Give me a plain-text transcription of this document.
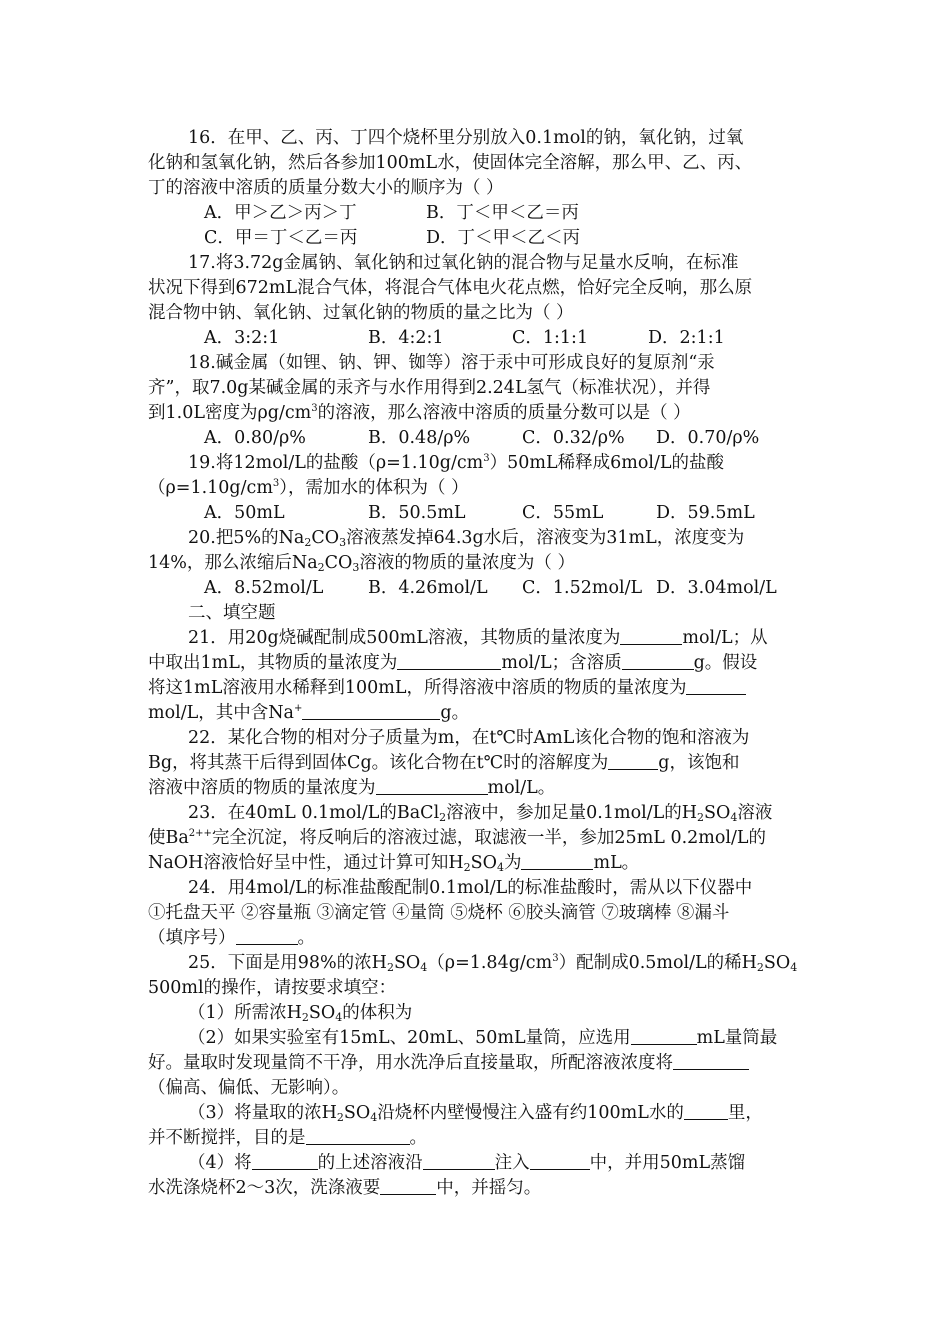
16．在甲、乙、丙、丁四个烧杯里分别放入0.1mol的钠，氧化钠，过氧
化钠和氢氧化钠，然后各参加100mL水，使固体完全溶解，那么甲、乙、丙、
丁的溶液中溶质的质量分数大小的顺序为（ ）
A．甲＞乙＞丙＞丁	B．丁＜甲＜乙＝丙
C．甲＝丁＜乙＝丙	D．丁＜甲＜乙＜丙
17.将3.72g金属钠、氧化钠和过氧化钠的混合物与足量水反响，在标准
状况下得到672mL混合气体，将混合气体电火花点燃，恰好完全反响，那么原
混合物中钠、氧化钠、过氧化钠的物质的量之比为（ ）
A．3:2:1	B．4:2:1	C．1:1:1	D．2:1:1
18.碱金属（如锂、钠、钾、铷等）溶于汞中可形成良好的复原剂“汞
齐”，取7.0g某碱金属的汞齐与水作用得到2.24L氢气（标准状况），并得
到1.0L密度为$\rho g/cm^3$的溶液，那么溶液中溶质的质量分数可以是（ ）
A．0.80/ρ%	B．0.48/ρ%	C．0.32/ρ% D．0.70/ρ%
19.将12mol/L的盐酸$(\rho=1.10g/cm^3)50mL$稀释成6mol/L的盐酸
$(\rho=1.10g/cm^3)$，需加水的体积为（ ）
A．50mL	B．50.5mL	C．55mL	D．59.5mL
20.把5%的$Na_2CO_3$溶液蒸发掉64.3g水后，溶液变为31mL，浓度变为
14%，那么浓缩后$Na_2CO_3$溶液的物质的量浓度为（ ）
A．8.52mol/L	B．4.26mol/L C．1.52mol/L D．3.04mol/L
二、填空题
21．用20g烧碱配制成500mL溶液，其物质的量浓度为	mol/L；从
中取出1mL，其物质的量浓度为	mol/L；含溶质	g。假设
将这1mL溶液用水稀释到100mL，所得溶液中溶质的物质的量浓度为
mol/L，其中含Na+	g。
22．某化合物的相对分子质量为m，在t℃时AmL该化合物的饱和溶液为
Bg，将其蒸干后得到固体Cg。该化合物在t℃时的溶解度为	g，该饱和
溶液中溶质的物质的量浓度为	mol/L。
23．在40mL 0.1mol/L的BaCl$_2$溶液中，参加足量0.1mol/L的$H_2SO_4$溶液
使$Ba^{2++}$完全沉淀，将反响后的溶液过滤，取滤液一半，参加25mL 0.2mol/L的
NaOH溶液恰好呈中性，通过计算可知$H_2SO_4$为	mL。
24．用4mol/L的标准盐酸配制0.1mol/L的标准盐酸时，需从以下仪器中
①托盘天平 ②容量瓶 ③滴定管 ④量筒 ⑤烧杯 ⑥胶头滴管 ⑦玻璃棒 ⑧漏斗
（填序号）	。
25．下面是用98%的浓$H_2SO_4(\rho=1.84g/cm^3)$配制成0.5mol/L的稀$H_2SO_4$
500ml的操作，请按要求填空：
（1）所需浓$H_2SO_4$的体积为
（2）如果实验室有15mL、20mL、50mL量筒，应选用	mL量筒最
好。量取时发现量筒不干净，用水洗净后直接量取，所配溶液浓度将
（偏高、偏低、无影响）。
（3）将量取的浓$H_2SO_4$沿烧杯内壁慢慢注入盛有约100mL水的	里，
并不断搅拌，目的是	。
（4）将	的上述溶液沿	注入	中，并用50mL蒸馏
水洗涤烧杯2～3次，洗涤液要	中，并摇匀。
